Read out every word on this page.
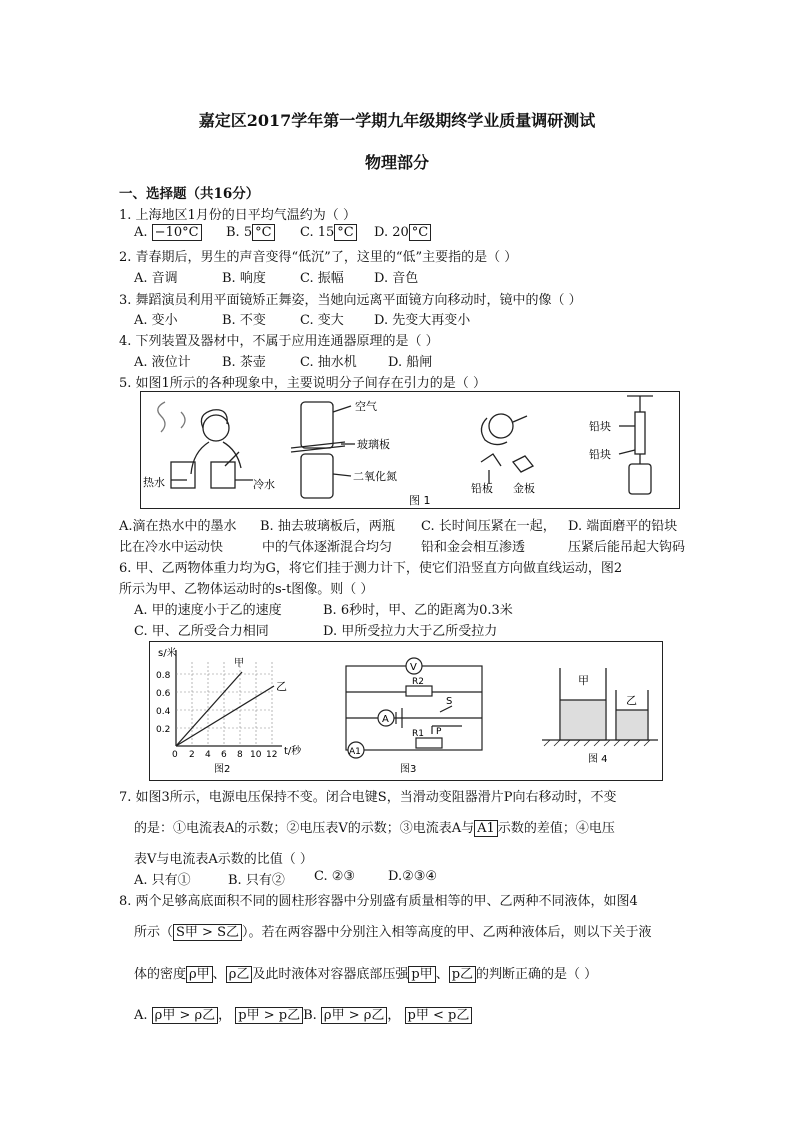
嘉定区2017学年第一学期九年级期终学业质量调研测试
物理部分
一、选择题（共16分）
1. 上海地区1月份的日平均气温约为（ ）
A. −10°C B. 5 °C C. 15 °C D. 20 °C
2. 青春期后，男生的声音变得“低沉”了，这里的“低”主要指的是（ ）
A. 音调	B. 响度	C. 振幅 D. 音色
3. 舞蹈演员利用平面镜矫正舞姿，当她向远离平面镜方向移动时，镜中的像（ ）
A. 变小	B. 不变	C. 变大 D. 先变大再变小
4. 下列装置及器材中，不属于应用连通器原理的是（ ）
A. 液位计 B. 茶壶	C. 抽水机 D. 船闸
5. 如图1所示的各种现象中，主要说明分子间存在引力的是（ ）
热水	冷水
空气
玻璃板
二氧化氮
铅板 金板
铅块
铅块
图 1
A.滴在热水中的墨水
比在冷水中运动快
B. 抽去玻璃板后，两瓶
中的气体逐渐混合均匀
C. 长时间压紧在一起，
铅和金会相互渗透
D. 端面磨平的铅块
压紧后能吊起大钩码
6. 甲、乙两物体重力均为G，将它们挂于测力计下，使它们沿竖直方向做直线运动，图2
所示为甲、乙物体运动时的s-t图像。则（ ）
A. 甲的速度小于乙的速度	B. 6秒时，甲、乙的距离为0.3米
C. 甲、乙所受合力相同	D. 甲所受拉力大于乙所受拉力
s/米
0.8
0.6
0.4
0.2
0 2 4 6 8 10 12 t/秒
甲
乙
图2
V
A
A1
R2
R1
S
P
图3
甲
乙
图 4
7. 如图3所示，电源电压保持不变。闭合电键S，当滑动变阻器滑片P向右移动时，不变
的是：①电流表A的示数；②电压表V的示数；③电流表A与 A1 示数的差值；④电压
表V与电流表A示数的比值（ ）
A. 只有①	B. 只有② C. ②③	D.②③④
8. 两个足够高底面积不同的圆柱形容器中分别盛有质量相等的甲、乙两种不同液体，如图4
所示（ S甲 > S乙 ）。若在两容器中分别注入相等高度的甲、乙两种液体后，则以下关于液
体的密度 ρ甲 、 ρ乙 及此时液体对容器底部压强 p甲 、 p乙 的判断正确的是（ ）
A. ρ甲 > ρ乙 ， p甲 > p乙 B. ρ甲 > ρ乙 ， p甲 < p乙
